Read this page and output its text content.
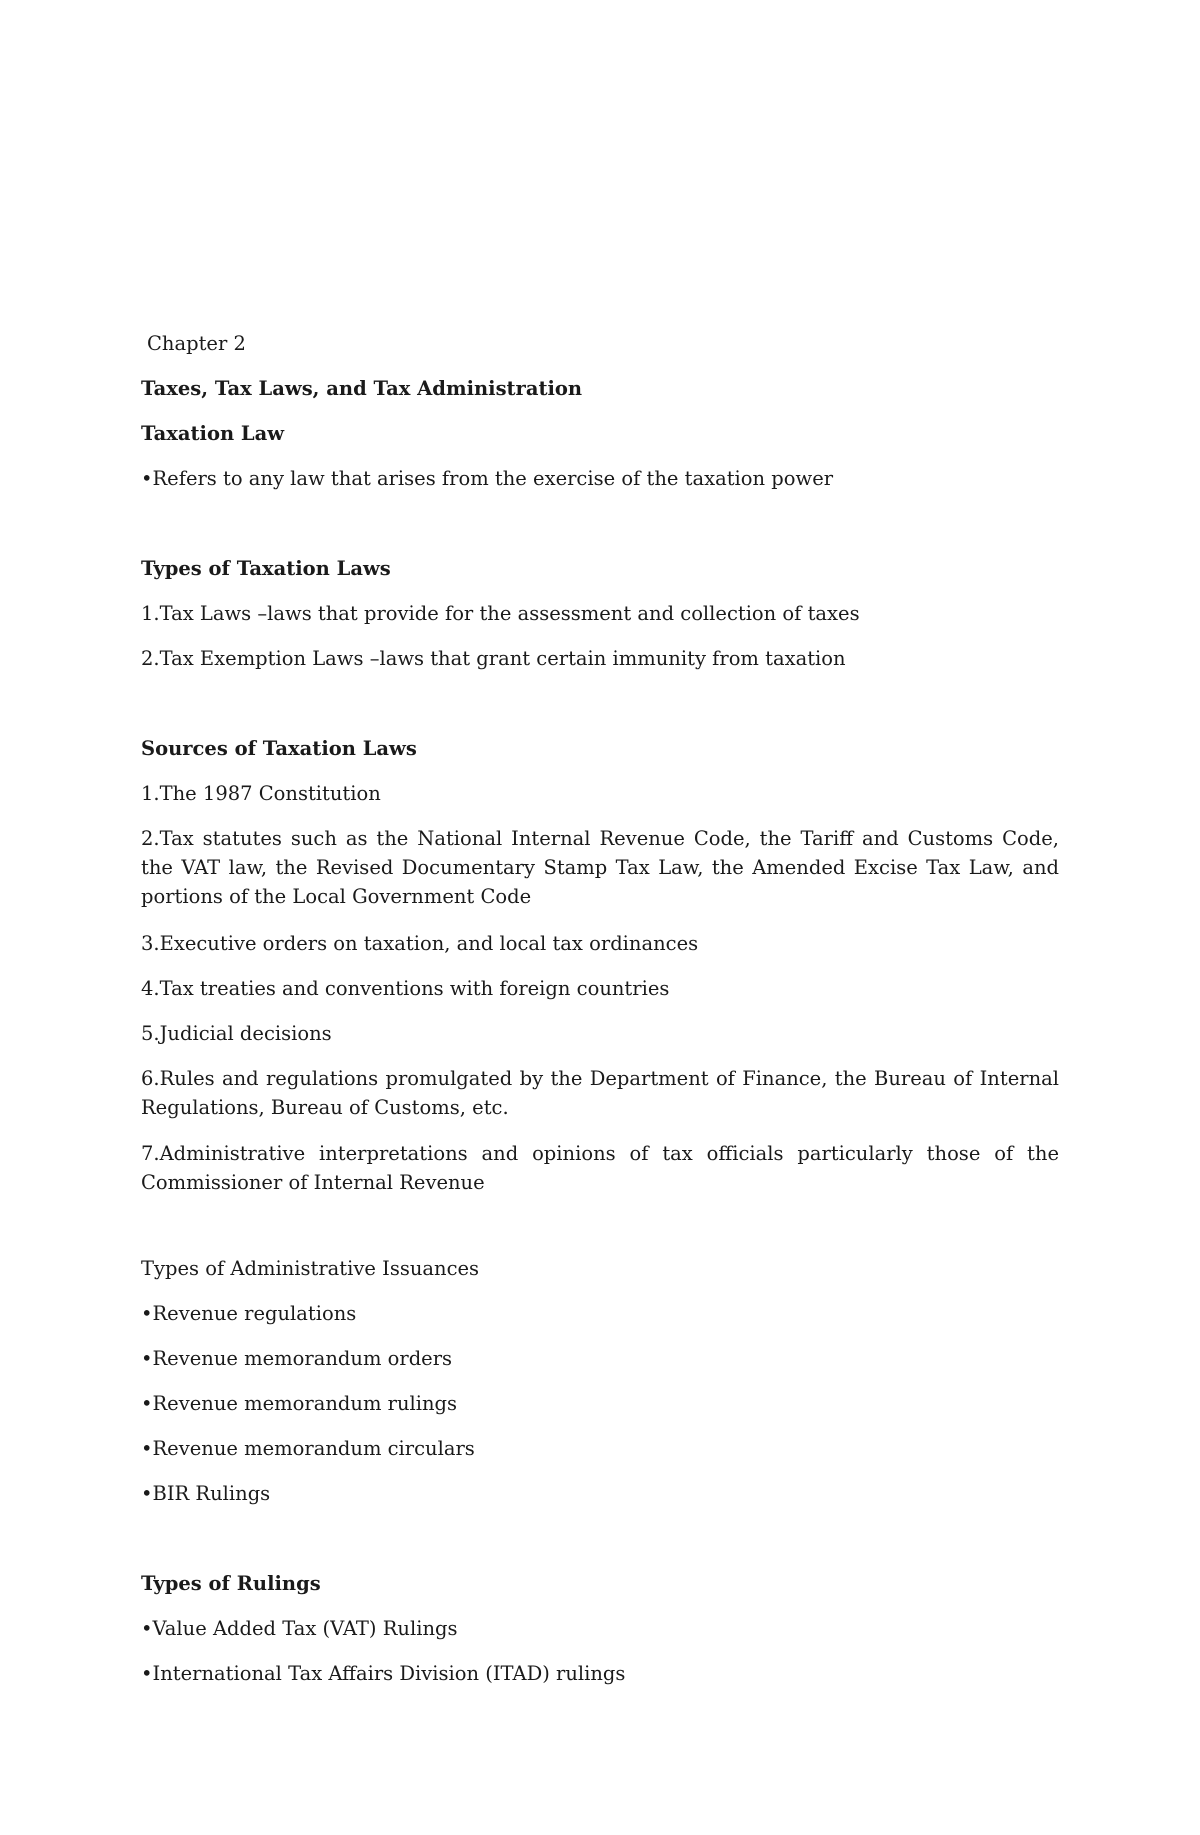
Chapter 2
Taxes, Tax Laws, and Tax Administration
Taxation Law
•Refers to any law that arises from the exercise of the taxation power
Types of Taxation Laws
1.Tax Laws –laws that provide for the assessment and collection of taxes
2.Tax Exemption Laws –laws that grant certain immunity from taxation
Sources of Taxation Laws
1.The 1987 Constitution
2.Tax statutes such as the National Internal Revenue Code, the Tariff and Customs Code, the VAT law, the Revised Documentary Stamp Tax Law, the Amended Excise Tax Law, and portions of the Local Government Code
3.Executive orders on taxation, and local tax ordinances
4.Tax treaties and conventions with foreign countries
5.Judicial decisions
6.Rules and regulations promulgated by the Department of Finance, the Bureau of Internal Regulations, Bureau of Customs, etc.
7.Administrative interpretations and opinions of tax officials particularly those of the Commissioner of Internal Revenue
Types of Administrative Issuances
•Revenue regulations
•Revenue memorandum orders
•Revenue memorandum rulings
•Revenue memorandum circulars
•BIR Rulings
Types of Rulings
•Value Added Tax (VAT) Rulings
•International Tax Affairs Division (ITAD) rulings
